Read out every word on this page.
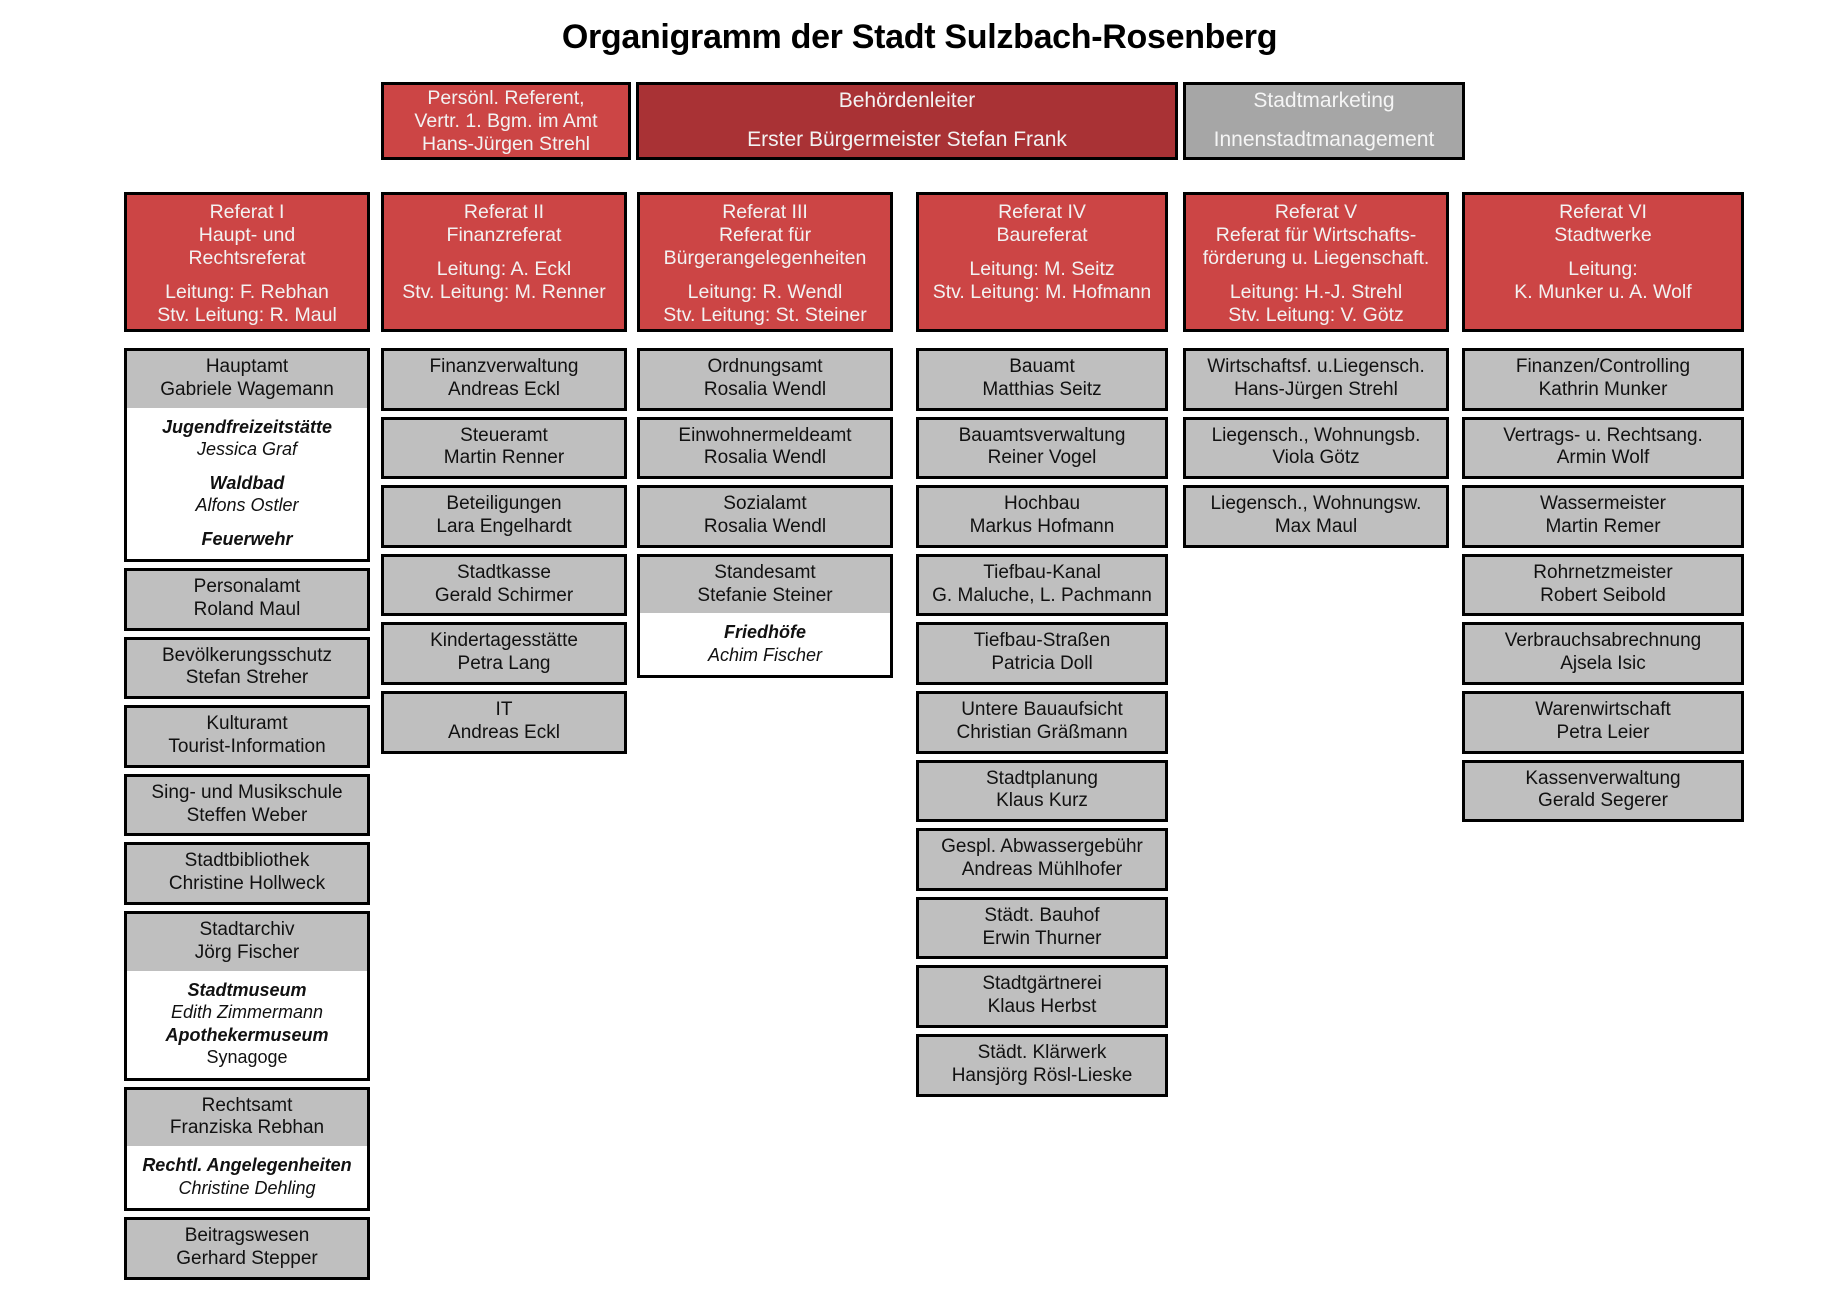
Organigramm der Stadt Sulzbach-Rosenberg
Persönl. Referent,
Vertr. 1. Bgm. im Amt
Hans-Jürgen Strehl
Behördenleiter
Erster Bürgermeister Stefan Frank
Stadtmarketing
Innenstadtmanagement
Referat I
Haupt- und
Rechtsreferat
Leitung: F. Rebhan
Stv. Leitung: R. Maul
Referat II
Finanzreferat
Leitung: A. Eckl
Stv. Leitung: M. Renner
Referat III
Referat für
Bürgerangelegenheiten
Leitung: R. Wendl
Stv. Leitung: St. Steiner
Referat IV
Baureferat
Leitung: M. Seitz
Stv. Leitung: M. Hofmann
Referat V
Referat für Wirtschafts-
förderung u. Liegenschaft.
Leitung: H.-J. Strehl
Stv. Leitung: V. Götz
Referat VI
Stadtwerke
Leitung:
K. Munker u. A. Wolf
Hauptamt
Gabriele Wagemann
Jugendfreizeitstätte
Jessica Graf
Waldbad
Alfons Ostler
Feuerwehr
Personalamt
Roland Maul
Bevölkerungsschutz
Stefan Streher
Kulturamt
Tourist-Information
Sing- und Musikschule
Steffen Weber
Stadtbibliothek
Christine Hollweck
Stadtarchiv
Jörg Fischer
Stadtmuseum
Edith Zimmermann
Apothekermuseum
Synagoge
Rechtsamt
Franziska Rebhan
Rechtl. Angelegenheiten
Christine Dehling
Beitragswesen
Gerhard Stepper
Finanzverwaltung
Andreas Eckl
Steueramt
Martin Renner
Beteiligungen
Lara Engelhardt
Stadtkasse
Gerald Schirmer
Kindertagesstätte
Petra Lang
IT
Andreas Eckl
Ordnungsamt
Rosalia Wendl
Einwohnermeldeamt
Rosalia Wendl
Sozialamt
Rosalia Wendl
Standesamt
Stefanie Steiner
Friedhöfe
Achim Fischer
Bauamt
Matthias Seitz
Bauamtsverwaltung
Reiner Vogel
Hochbau
Markus Hofmann
Tiefbau-Kanal
G. Maluche, L. Pachmann
Tiefbau-Straßen
Patricia Doll
Untere Bauaufsicht
Christian Gräßmann
Stadtplanung
Klaus Kurz
Gespl. Abwassergebühr
Andreas Mühlhofer
Städt. Bauhof
Erwin Thurner
Stadtgärtnerei
Klaus Herbst
Städt. Klärwerk
Hansjörg Rösl-Lieske
Wirtschaftsf. u.Liegensch.
Hans-Jürgen Strehl
Liegensch., Wohnungsb.
Viola Götz
Liegensch., Wohnungsw.
Max Maul
Finanzen/Controlling
Kathrin Munker
Vertrags- u. Rechtsang.
Armin Wolf
Wassermeister
Martin Remer
Rohrnetzmeister
Robert Seibold
Verbrauchsabrechnung
Ajsela Isic
Warenwirtschaft
Petra Leier
Kassenverwaltung
Gerald Segerer
